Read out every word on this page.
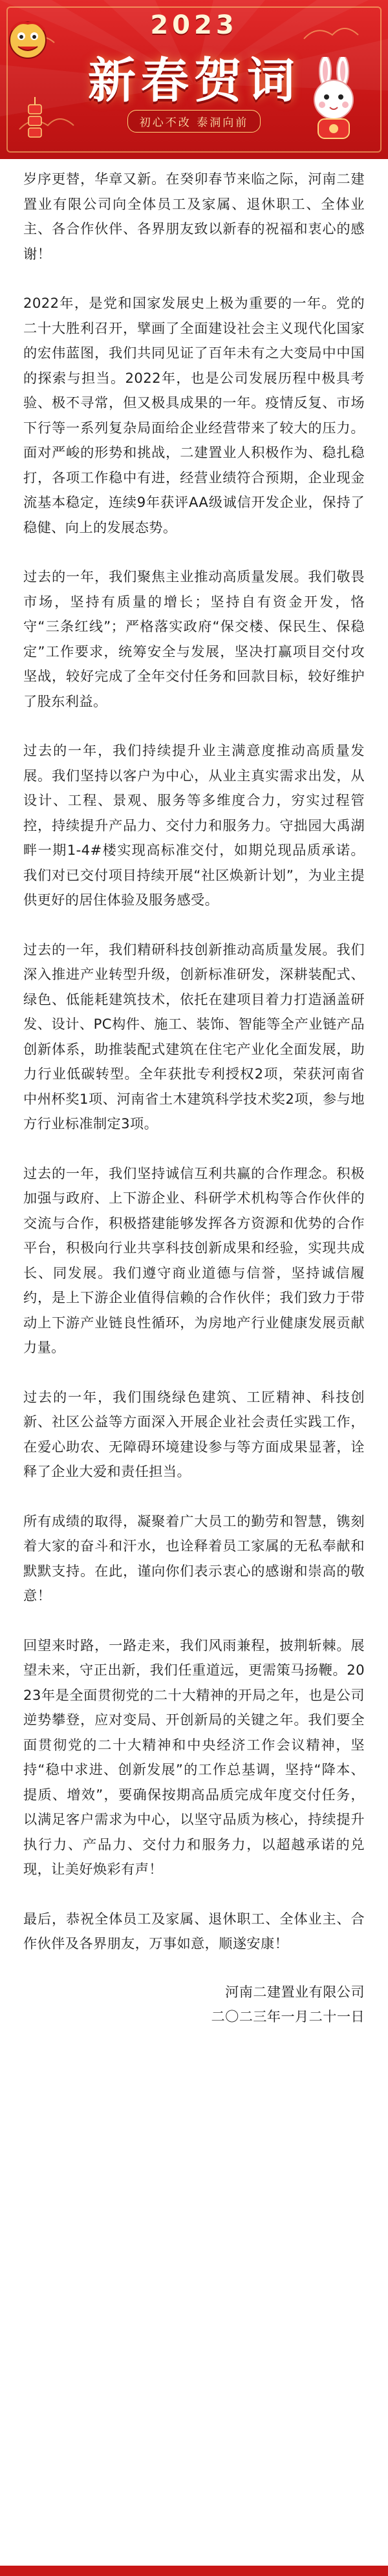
2023
新春贺词
初心不改 泰洞向前

岁序更替，华章又新。在癸卯春节来临之际，河南二建置业有限公司向全体员工及家属、退休职工、全体业主、各合作伙伴、各界朋友致以新春的祝福和衷心的感谢！

2022年，是党和国家发展史上极为重要的一年。党的二十大胜利召开，擘画了全面建设社会主义现代化国家的宏伟蓝图，我们共同见证了百年未有之大变局中中国的探索与担当。2022年，也是公司发展历程中极具考验、极不寻常，但又极具成果的一年。疫情反复、市场下行等一系列复杂局面给企业经营带来了较大的压力。面对严峻的形势和挑战，二建置业人积极作为、稳扎稳打，各项工作稳中有进，经营业绩符合预期，企业现金流基本稳定，连续9年获评AA级诚信开发企业，保持了稳健、向上的发展态势。

过去的一年，我们聚焦主业推动高质量发展。我们敬畏市场，坚持有质量的增长；坚持自有资金开发，恪守“三条红线”；严格落实政府“保交楼、保民生、保稳定”工作要求，统筹安全与发展，坚决打赢项目交付攻坚战，较好完成了全年交付任务和回款目标，较好维护了股东利益。

过去的一年，我们持续提升业主满意度推动高质量发展。我们坚持以客户为中心，从业主真实需求出发，从设计、工程、景观、服务等多维度合力，穷实过程管控，持续提升产品力、交付力和服务力。守拙园大禹湖畔一期1-4#楼实现高标准交付，如期兑现品质承诺。我们对已交付项目持续开展“社区焕新计划”，为业主提供更好的居住体验及服务感受。

过去的一年，我们精研科技创新推动高质量发展。我们深入推进产业转型升级，创新标准研发，深耕装配式、绿色、低能耗建筑技术，依托在建项目着力打造涵盖研发、设计、PC构件、施工、装饰、智能等全产业链产品创新体系，助推装配式建筑在住宅产业化全面发展，助力行业低碳转型。全年获批专利授权2项，荣获河南省中州杯奖1项、河南省土木建筑科学技术奖2项，参与地方行业标准制定3项。

过去的一年，我们坚持诚信互利共赢的合作理念。积极加强与政府、上下游企业、科研学术机构等合作伙伴的交流与合作，积极搭建能够发挥各方资源和优势的合作平台，积极向行业共享科技创新成果和经验，实现共成长、同发展。我们遵守商业道德与信誉，坚持诚信履约，是上下游企业值得信赖的合作伙伴；我们致力于带动上下游产业链良性循环，为房地产行业健康发展贡献力量。

过去的一年，我们围绕绿色建筑、工匠精神、科技创新、社区公益等方面深入开展企业社会责任实践工作，在爱心助农、无障碍环境建设参与等方面成果显著，诠释了企业大爱和责任担当。

所有成绩的取得，凝聚着广大员工的勤劳和智慧，镌刻着大家的奋斗和汗水，也诠释着员工家属的无私奉献和默默支持。在此，谨向你们表示衷心的感谢和崇高的敬意！

回望来时路，一路走来，我们风雨兼程，披荆斩棘。展望未来，守正出新，我们任重道远，更需策马扬鞭。2023年是全面贯彻党的二十大精神的开局之年，也是公司逆势攀登，应对变局、开创新局的关键之年。我们要全面贯彻党的二十大精神和中央经济工作会议精神，坚持“稳中求进、创新发展”的工作总基调，坚持“降本、提质、增效”，要确保按期高品质完成年度交付任务，以满足客户需求为中心，以坚守品质为核心，持续提升执行力、产品力、交付力和服务力，以超越承诺的兑现，让美好焕彩有声！

最后，恭祝全体员工及家属、退休职工、全体业主、合作伙伴及各界朋友，万事如意，顺遂安康！

河南二建置业有限公司
二〇二三年一月二十一日
